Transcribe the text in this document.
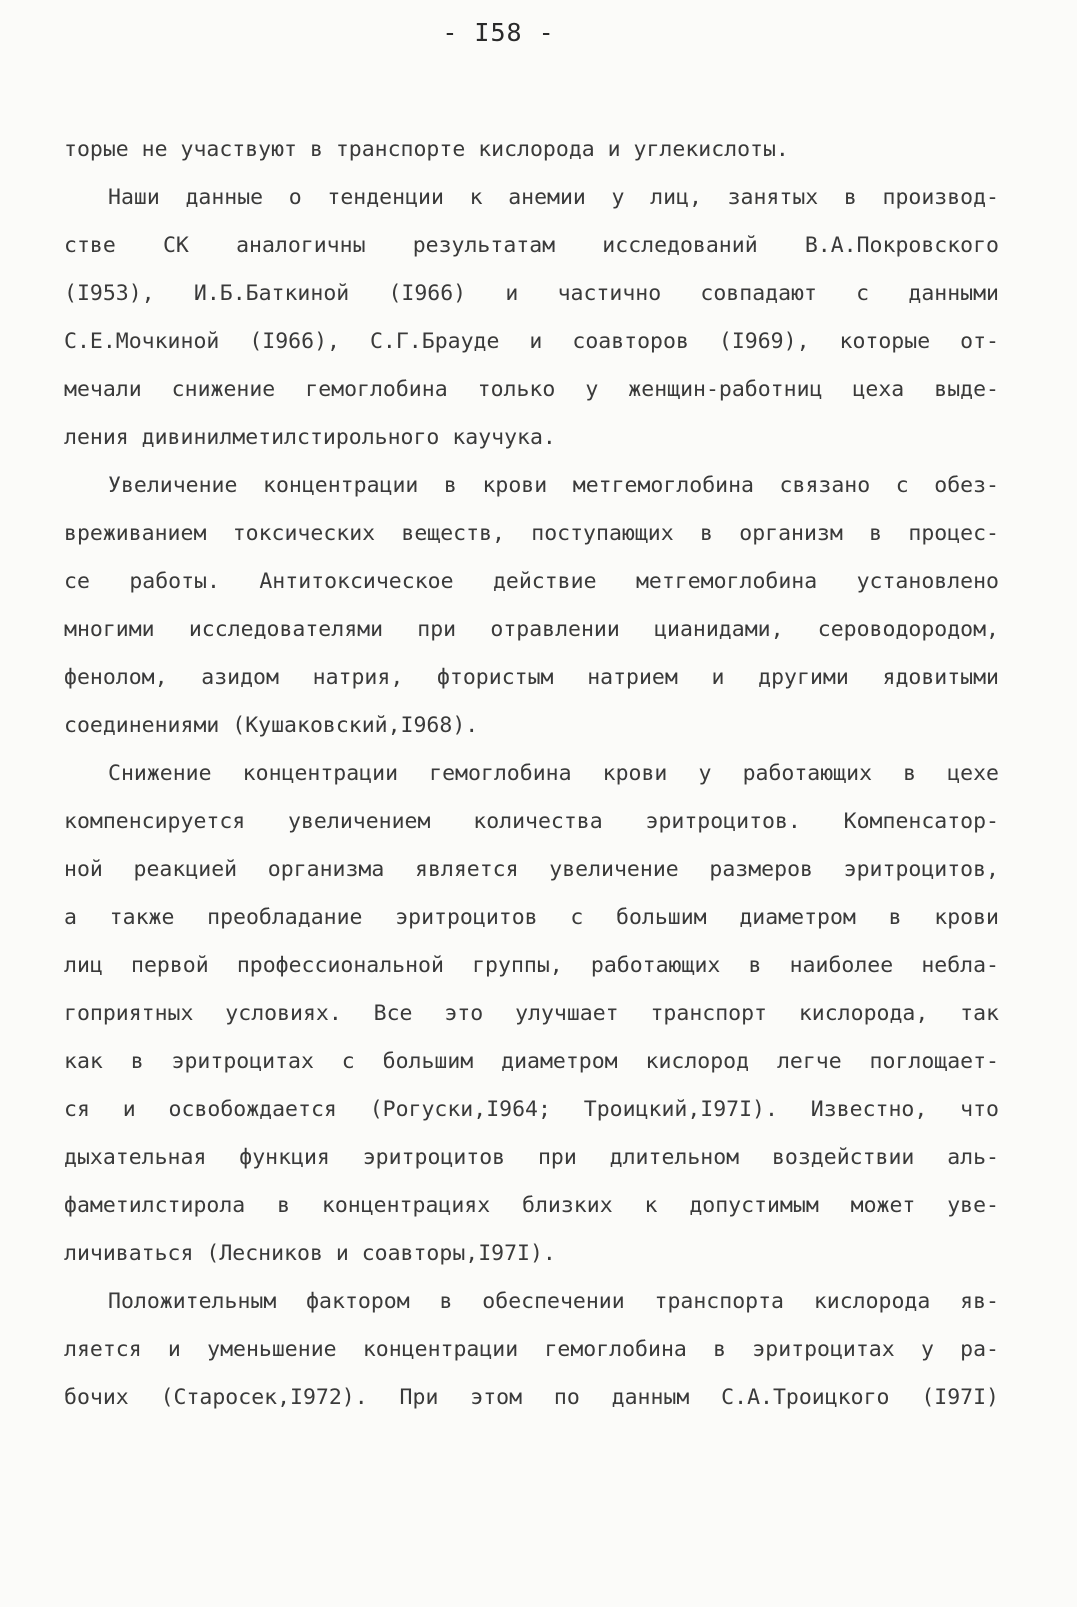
- I58 -
торые не участвуют в транспорте кислорода и углекислоты.
Наши данные о тенденции к анемии у лиц, занятых в производ-
стве СК аналогичны результатам исследований В.А.Покровского
(I953), И.Б.Баткиной (I966) и частично совпадают с данными
С.Е.Мочкиной (I966), С.Г.Брауде и соавторов (I969), которые от-
мечали снижение гемоглобина только у женщин-работниц цеха выде-
ления дивинилметилстирольного каучука.
Увеличение концентрации в крови метгемоглобина связано с обез-
вреживанием токсических веществ, поступающих в организм в процес-
се работы. Антитоксическое действие метгемоглобина установлено
многими исследователями при отравлении цианидами, сероводородом,
фенолом, азидом натрия, фтористым натрием и другими ядовитыми
соединениями (Кушаковский,I968).
Снижение концентрации гемоглобина крови у работающих в цехе
компенсируется увеличением количества эритроцитов. Компенсатор-
ной реакцией организма является увеличение размеров эритроцитов,
а также преобладание эритроцитов с большим диаметром в крови
лиц первой профессиональной группы, работающих в наиболее небла-
гоприятных условиях. Все это улучшает транспорт кислорода, так
как в эритроцитах с большим диаметром кислород легче поглощает-
ся и освобождается (Рогуски,I964; Троицкий,I97I). Известно, что
дыхательная функция эритроцитов при длительном воздействии аль-
фаметилстирола в концентрациях близких к допустимым может уве-
личиваться (Лесников и соавторы,I97I).
Положительным фактором в обеспечении транспорта кислорода яв-
ляется и уменьшение концентрации гемоглобина в эритроцитах у ра-
бочих (Старосек,I972). При этом по данным С.А.Троицкого (I97I)
